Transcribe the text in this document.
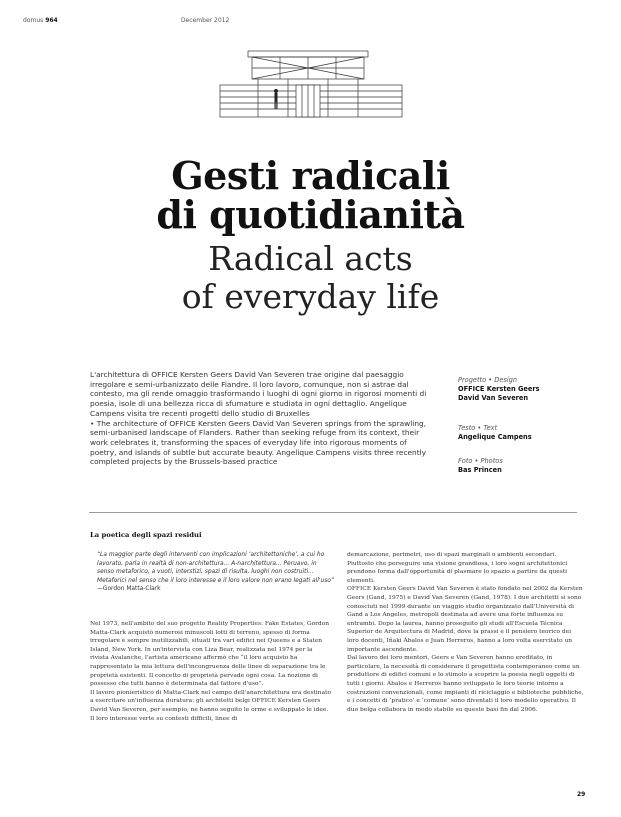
domus 964	December 2012
Gesti radicali
di quotidianità
Radical acts
of everyday life
L'architettura di OFFICE Kersten Geers David Van Severen trae origine dal paesaggio irregolare e semi-urbanizzato delle Fiandre. Il loro lavoro, comunque, non si astrae dal contesto, ma gli rende omaggio trasformando i luoghi di ogni giorno in rigorosi momenti di poesia, isole di una bellezza ricca di sfumature e studiata in ogni dettaglio. Angelique Campens visita tre recenti progetti dello studio di Bruxelles
• The architecture of OFFICE Kersten Geers David Van Severen springs from the sprawling, semi-urbanised landscape of Flanders. Rather than seeking refuge from its context, their work celebrates it, transforming the spaces of everyday life into rigorous moments of poetry, and islands of subtle but accurate beauty. Angelique Campens visits three recently completed projects by the Brussels-based practice
Progetto • Design
OFFICE Kersten Geers
David Van Severen
Testo • Text
Angelique Campens
Foto • Photos
Bas Princen
La poetica degli spazi residui
“La maggior parte degli interventi con implicazioni ‘architettoniche’, a cui ho lavorato, parla in realtà di non-architettura... A-narchitettura... Peruavo, in senso metaforico, a vuoti, interstizi, spazi di risulta, luoghi non costruiti... Metaforici nel senso che il loro interesse e il loro valore non erano legati all'uso”
—Gordon Matta-Clark

Nel 1973, nell'ambito del suo progetto Reality Properties: Fake Estates, Gordon Matta-Clark acquistò numerosi minuscoli lotti di terreno, spesso di forma irregolare e sempre inutilizzabili, situati tra vari edifici nei Queens e a Staten Island, New York. In un'intervista con Liza Bear, realizzata nel 1974 per la rivista Avalanche, l'artista americano affermò che “il loro acquisto ha rappresentato la mia lettura dell'incongruenza delle linee di separazione tra le proprietà esistenti. Il concetto di proprietà pervade ogni cosa. La nozione di possesso che tutti hanno è determinata dal fattore d'uso”.

Il lavoro pionieristico di Matta-Clark nel campo dell'anarchitettura era destinato a esercitare un'influenza duratura: gli architetti belgi OFFICE Kersten Geers David Van Severen, per esempio, ne hanno seguito le orme e sviluppato le idee. Il loro interesse verte su contesti difficili, linee di

demarcazione, perimetri, uso di spazi marginali o ambienti secondari. Piuttosto che perseguire una visione grandiosa, i loro sogni architettonici prendono forma dall'opportunità di plasmare lo spazio a partire da questi elementi.

OFFICE Kersten Geers David Van Severen è stato fondato nel 2002 da Kersten Geers (Gand, 1975) e David Van Severen (Gand, 1978). I due architetti si sono conosciuti nel 1999 durante un viaggio studio organizzato dall'Università di Gand a Los Angeles, metropoli destinata ad avere una forte influenza su entrambi. Dopo la laurea, hanno proseguito gli studi all'Escuela Técnica Superior de Arquitectura di Madrid, dove la prassi e il pensiero teorico dei loro docenti, Iñaki Ábalos e Juan Herreros, hanno a loro volta esercitato un importante ascendente.

Dal lavoro dei loro mentori, Geers e Van Severen hanno ereditato, in particolare, la necessità di considerare il progettista contemporaneo come un produttore di edifici comuni e lo stimolo a scoprire la poesia negli oggetti di tutti i giorni. Ábalos e Herreros hanno sviluppato le loro teorie intorno a costruzioni convenzionali, come impianti di riciclaggio e biblioteche pubbliche, e i concetti di ‘pratico’ e ‘comune’ sono diventati il loro modello operativo. Il duo belga collabora in modo stabile su queste basi fin dal 2006.

29
